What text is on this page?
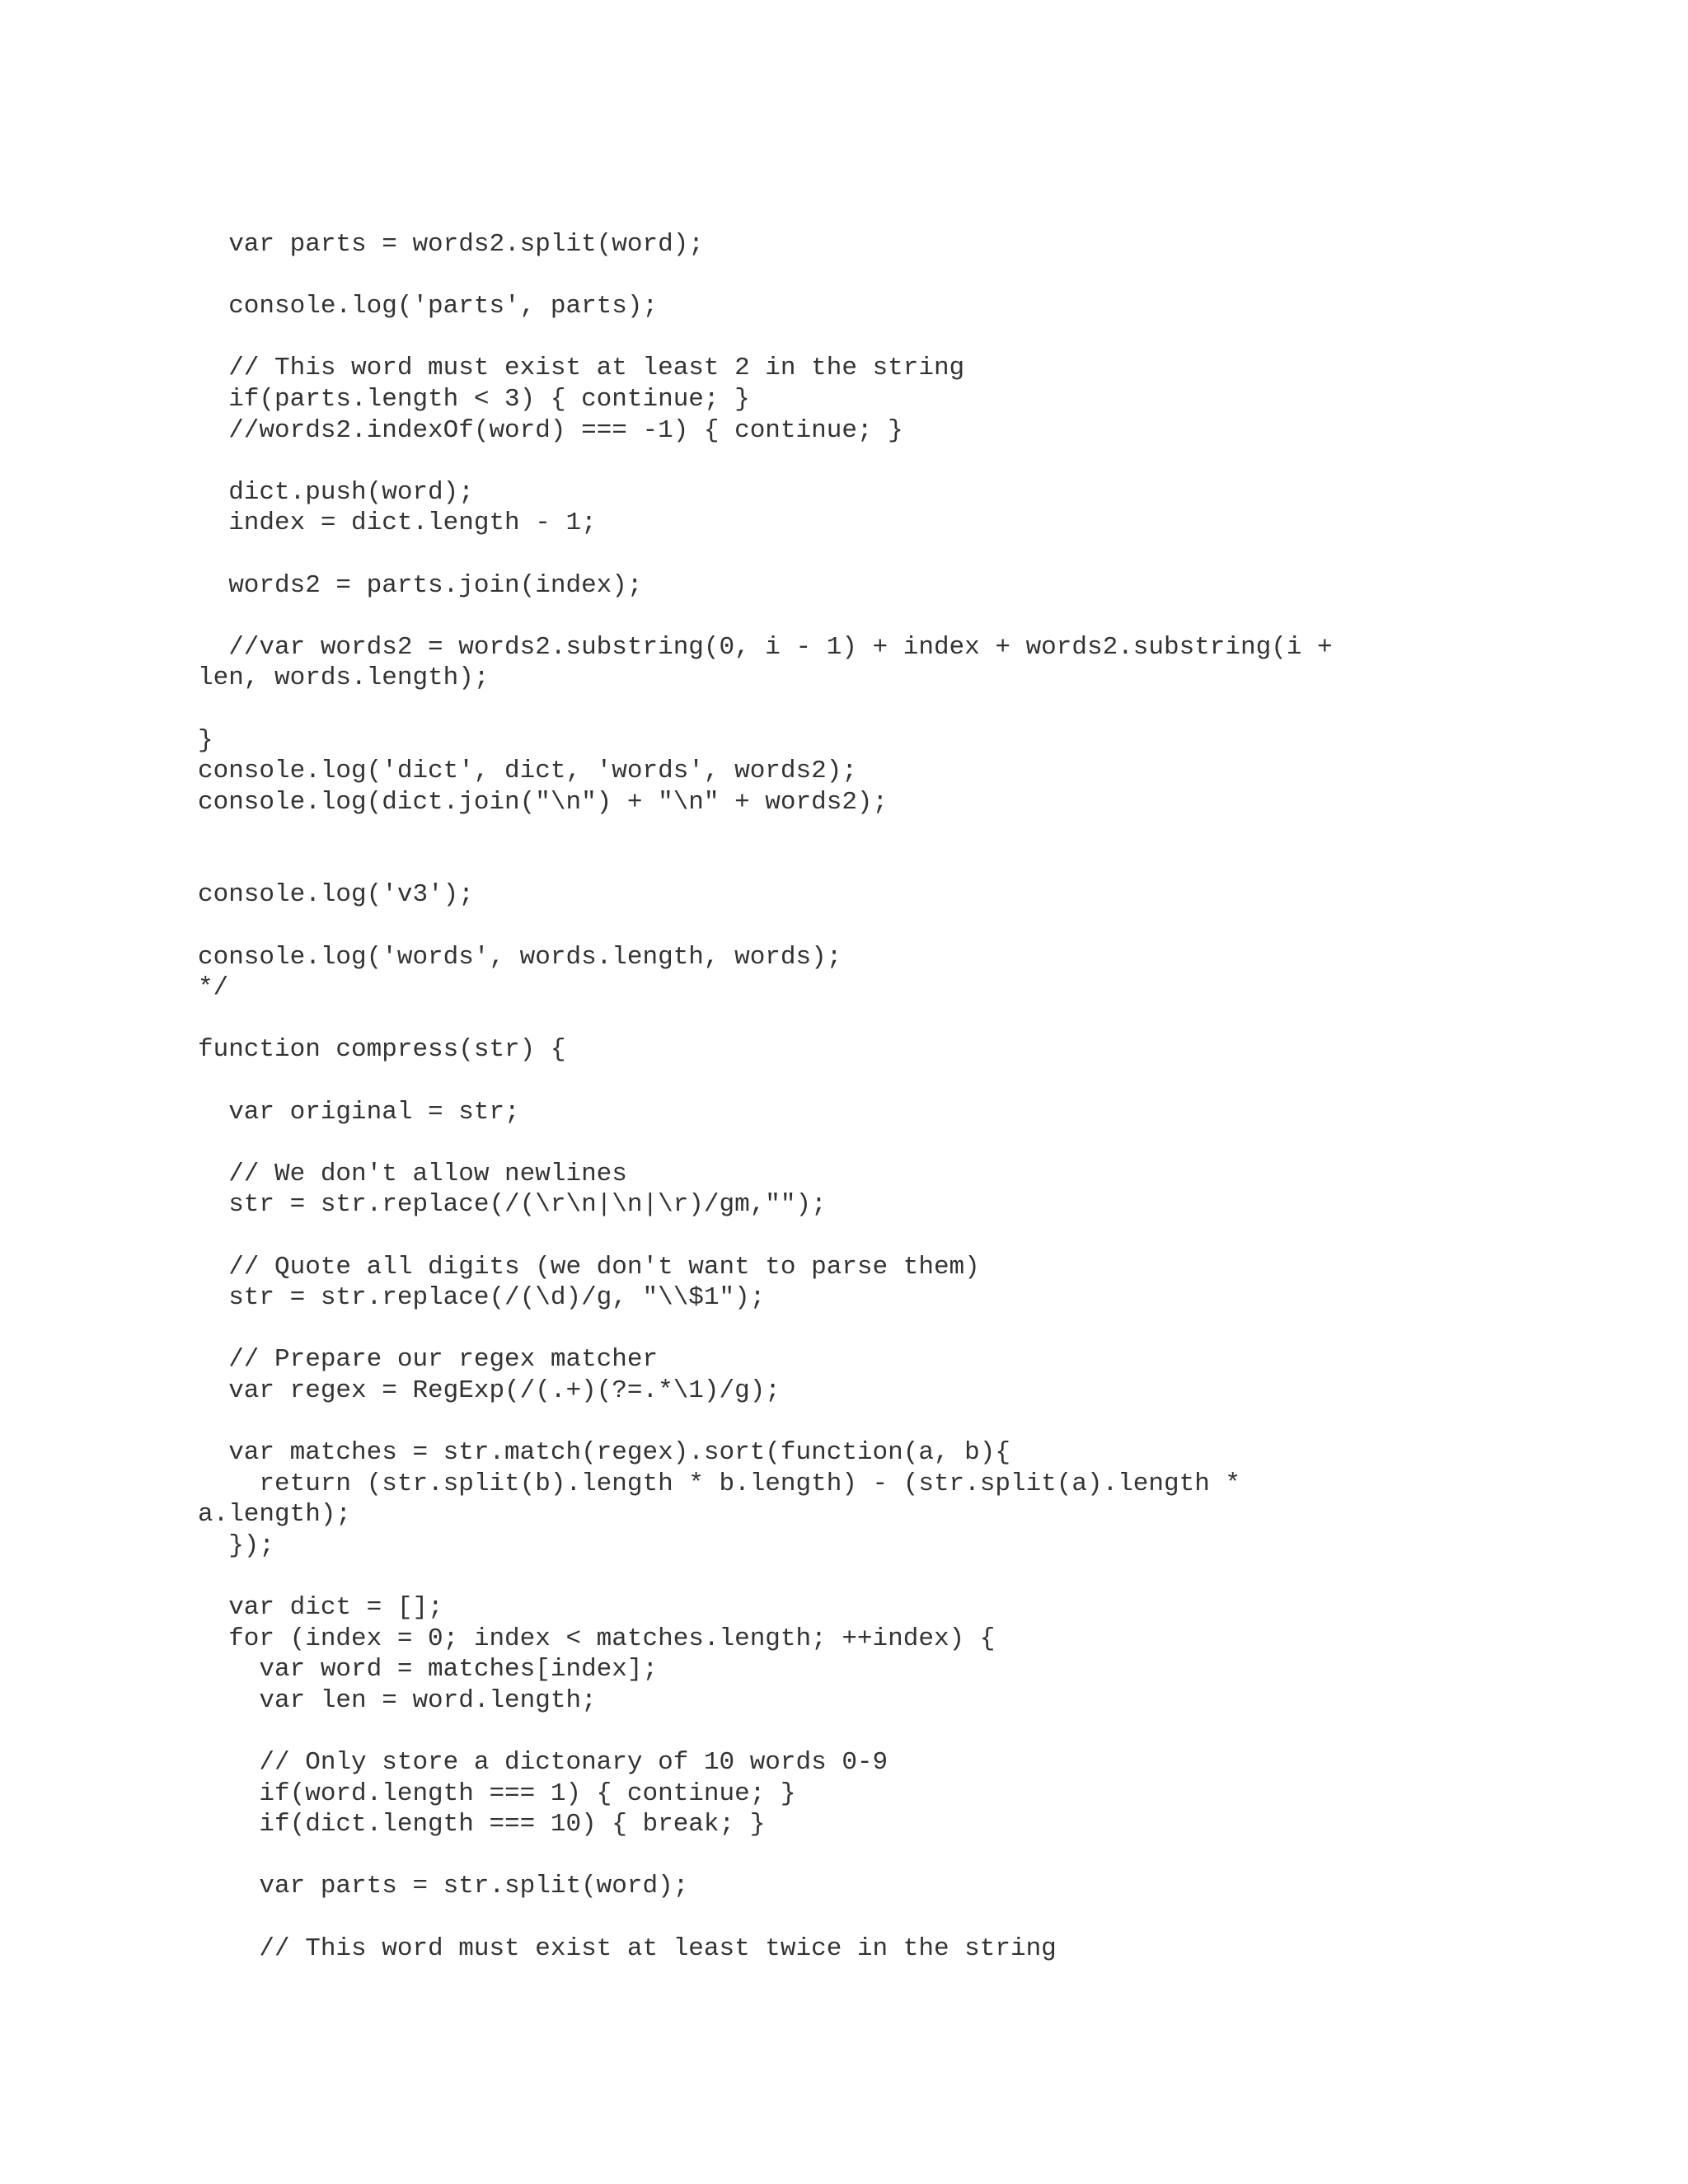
var parts = words2.split(word);
console.log('parts', parts);
// This word must exist at least 2 in the string
if(parts.length < 3) { continue; }
//words2.indexOf(word) === -1) { continue; }
dict.push(word);
index = dict.length - 1;
words2 = parts.join(index);
//var words2 = words2.substring(0, i - 1) + index + words2.substring(i +
len, words.length);
}
console.log('dict', dict, 'words', words2);
console.log(dict.join("\n") + "\n" + words2);
console.log('v3');
console.log('words', words.length, words);
*/
function compress(str) {
var original = str;
// We don't allow newlines
str = str.replace(/(\r\n|\n|\r)/gm,"");
// Quote all digits (we don't want to parse them)
str = str.replace(/(\d)/g, "\\$1");
// Prepare our regex matcher
var regex = RegExp(/(.+)(?=.*\1)/g);
var matches = str.match(regex).sort(function(a, b){
return (str.split(b).length * b.length) - (str.split(a).length *
a.length);
});
var dict = [];
for (index = 0; index < matches.length; ++index) {
var word = matches[index];
var len = word.length;
// Only store a dictonary of 10 words 0-9
if(word.length === 1) { continue; }
if(dict.length === 10) { break; }
var parts = str.split(word);
// This word must exist at least twice in the string
